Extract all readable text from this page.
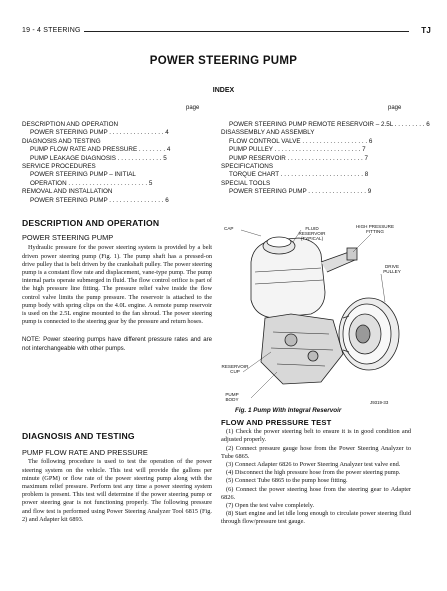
19 - 4 STEERING	TJ
POWER STEERING PUMP
INDEX
page	page
DESCRIPTION AND OPERATION
POWER STEERING PUMP . . . . . . . . . . . . . . . . 4
DIAGNOSIS AND TESTING
PUMP FLOW RATE AND PRESSURE . . . . . . . . 4
PUMP LEAKAGE DIAGNOSIS . . . . . . . . . . . . . 5
SERVICE PROCEDURES
POWER STEERING PUMP – INITIAL
OPERATION . . . . . . . . . . . . . . . . . . . . . . . 5
REMOVAL AND INSTALLATION
POWER STEERING PUMP . . . . . . . . . . . . . . . . 6
POWER STEERING PUMP REMOTE RESERVOIR – 2.5L . . . . . . . . . 6
DISASSEMBLY AND ASSEMBLY
FLOW CONTROL VALVE . . . . . . . . . . . . . . . . . . . 6
PUMP PULLEY . . . . . . . . . . . . . . . . . . . . . . . . . 7
PUMP RESERVOIR . . . . . . . . . . . . . . . . . . . . . . 7
SPECIFICATIONS
TORQUE CHART . . . . . . . . . . . . . . . . . . . . . . . . 8
SPECIAL TOOLS
POWER STEERING PUMP . . . . . . . . . . . . . . . . . 9
DESCRIPTION AND OPERATION
POWER STEERING PUMP

Hydraulic pressure for the power steering system is provided by a belt driven power steering pump (Fig. 1). The pump shaft has a pressed-on drive pulley that is belt driven by the crankshaft pulley. The power steering pump is a constant flow rate and displacement, vane-type pump. The pump internal parts operate submerged in fluid. The flow control orifice is part of the high pressure line fitting. The pressure relief valve inside the flow control valve limits the pump pressure. The reservoir is attached to the pump body with spring clips on the 4.0L engine. A remote pump reservoir is used on the 2.5L engine mounted to the fan shroud. The power steering pump is connected to the steering gear by the pressure and return hoses.

NOTE: Power steering pumps have different pressure rates and are not interchangeable with other pumps.
DIAGNOSIS AND TESTING
PUMP FLOW RATE AND PRESSURE

The following procedure is used to test the operation of the power steering system on the vehicle. This test will provide the gallons per minute (GPM) or flow rate of the power steering pump along with the maximum relief pressure. Perform test any time a power steering system problem is present. This test will determine if the power steering pump or power steering gear is not functioning properly. The following pressure and flow test is performed using Power Steering Analyzer Tool 6815 (Fig. 2) and Adapter kit 6893.

CAP	FLUID RESERVOIR (TYPICAL)
HIGH PRESSURE FITTING
DRIVE PULLEY
RESERVOIR CUP
PUMP BODY
J9319-33
Fig. 1 Pump With Integral Reservoir
FLOW AND PRESSURE TEST

(1) Check the power steering belt to ensure it is in good condition and adjusted properly.

(2) Connect pressure gauge hose from the Power Steering Analyzer to Tube 6865.

(3) Connect Adapter 6826 to Power Steering Analyzer test valve end.

(4) Disconnect the high pressure hose from the power steering pump.

(5) Connect Tube 6865 to the pump hose fitting.

(6) Connect the power steering hose from the steering gear to Adapter 6826.

(7) Open the test valve completely.

(8) Start engine and let idle long enough to circulate power steering fluid through flow/pressure test gauge.
